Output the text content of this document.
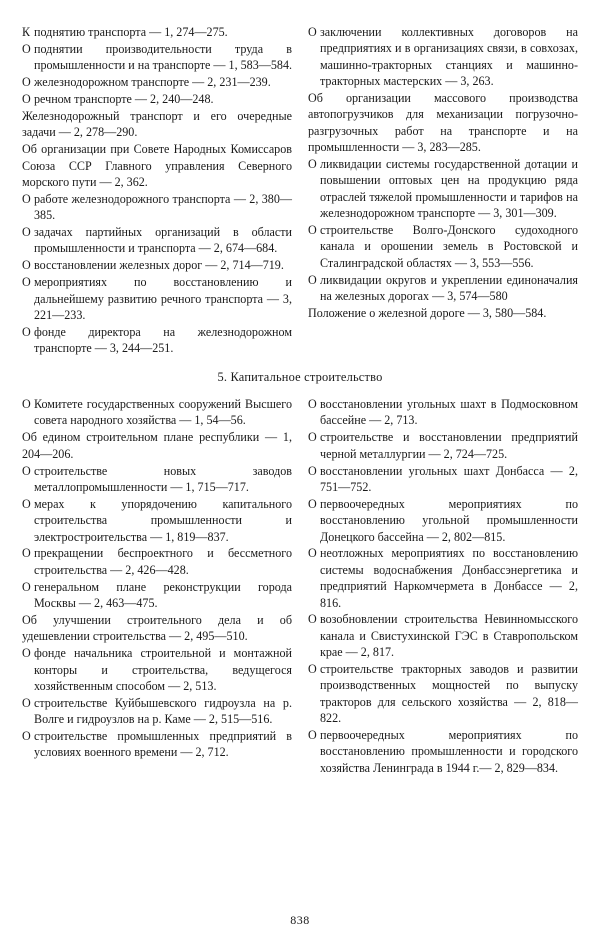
К поднятию транспорта — 1, 274—275.
О поднятии производительности труда в промышленности и на транспорте — 1, 583—584.
О железнодорожном транспорте — 2, 231—239.
О речном транспорте — 2, 240—248.
Железнодорожный транспорт и его очередные задачи — 2, 278—290.
Об организации при Совете Народных Комиссаров Союза ССР Главного управления Северного морского пути — 2, 362.
О работе железнодорожного транспорта — 2, 380—385.
О задачах партийных организаций в области промышленности и транспорта — 2, 674—684.
О восстановлении железных дорог — 2, 714—719.
О мероприятиях по восстановлению и дальнейшему развитию речного транспорта — 3, 221—233.
О фонде директора на железнодорожном транспорте — 3, 244—251.
О заключении коллективных договоров на предприятиях и в организациях связи, в совхозах, машинно-тракторных станциях и машинно-тракторных мастерских — 3, 263.
Об организации массового производства автопогрузчиков для механизации погрузочно-разгрузочных работ на транспорте и на промышленности — 3, 283—285.
О ликвидации системы государственной дотации и повышении оптовых цен на продукцию ряда отраслей тяжелой промышленности и тарифов на железнодорожном транспорте — 3, 301—309.
О строительстве Волго-Донского судоходного канала и орошении земель в Ростовской и Сталинградской областях — 3, 553—556.
О ликвидации округов и укреплении единоначалия на железных дорогах — 3, 574—580
Положение о железной дороге — 3, 580—584.
5. Капитальное строительство
О Комитете государственных сооружений Высшего совета народного хозяйства — 1, 54—56.
Об едином строительном плане республики — 1, 204—206.
О строительстве новых заводов металлопромышленности — 1, 715—717.
О мерах к упорядочению капитального строительства промышленности и электростроительства — 1, 819—837.
О прекращении беспроектного и бессметного строительства — 2, 426—428.
О генеральном плане реконструкции города Москвы — 2, 463—475.
Об улучшении строительного дела и об удешевлении строительства — 2, 495—510.
О фонде начальника строительной и монтажной конторы и строительства, ведущегося хозяйственным способом — 2, 513.
О строительстве Куйбышевского гидроузла на р. Волге и гидроузлов на р. Каме — 2, 515—516.
О строительстве промышленных предприятий в условиях военного времени — 2, 712.
О восстановлении угольных шахт в Подмосковном бассейне — 2, 713.
О строительстве и восстановлении предприятий черной металлургии — 2, 724—725.
О восстановлении угольных шахт Донбасса — 2, 751—752.
О первоочередных мероприятиях по восстановлению угольной промышленности Донецкого бассейна — 2, 802—815.
О неотложных мероприятиях по восстановлению системы водоснабжения Донбассэнергетика и предприятий Наркомчермета в Донбассе — 2, 816.
О возобновлении строительства Невинномысского канала и Свистухинской ГЭС в Ставропольском крае — 2, 817.
О строительстве тракторных заводов и развитии производственных мощностей по выпуску тракторов для сельского хозяйства — 2, 818—822.
О первоочередных мероприятиях по восстановлению промышленности и городского хозяйства Ленинграда в 1944 г.— 2, 829—834.
838
